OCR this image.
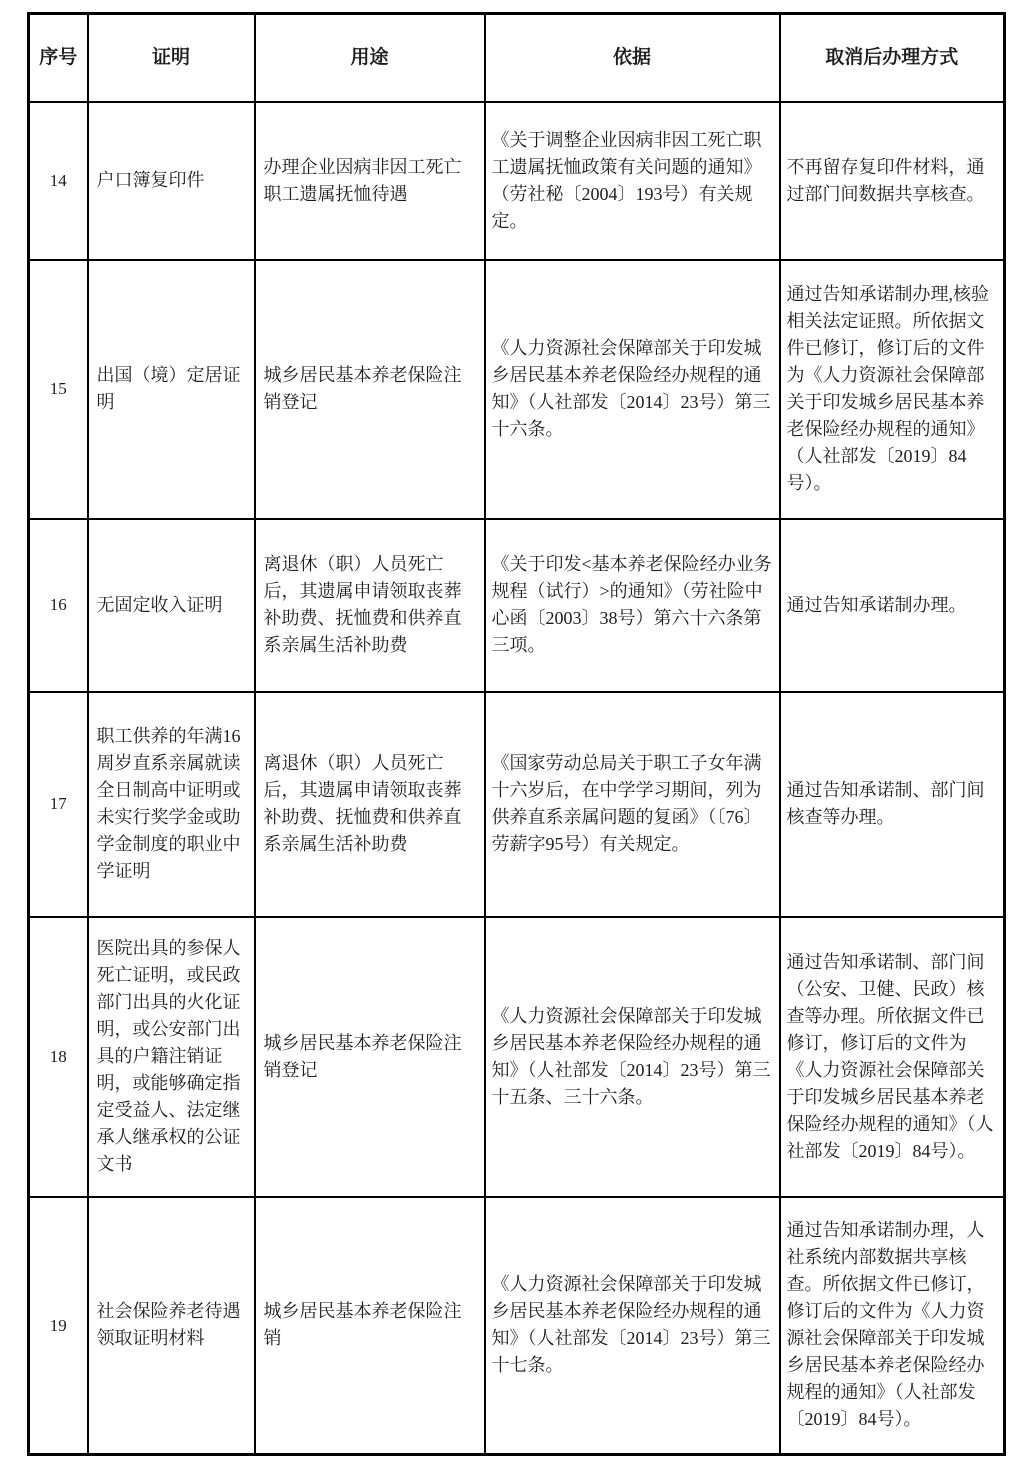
序号	证明	用途	依据	取消后办理方式
14	户口簿复印件	办理企业因病非因工死亡职工遗属抚恤待遇	《关于调整企业因病非因工死亡职工遗属抚恤政策有关问题的通知》（劳社秘〔2004〕193号）有关规定。	不再留存复印件材料，通过部门间数据共享核查。
15	出国（境）定居证明	城乡居民基本养老保险注销登记	《人力资源社会保障部关于印发城乡居民基本养老保险经办规程的通知》（人社部发〔2014〕23号）第三十六条。	通过告知承诺制办理,核验相关法定证照。所依据文件已修订，修订后的文件为《人力资源社会保障部关于印发城乡居民基本养老保险经办规程的通知》（人社部发〔2019〕84号）。
16	无固定收入证明	离退休（职）人员死亡后，其遗属申请领取丧葬补助费、抚恤费和供养直系亲属生活补助费	《关于印发<基本养老保险经办业务规程（试行）>的通知》（劳社险中心函〔2003〕38号）第六十六条第三项。	通过告知承诺制办理。
17	职工供养的年满16周岁直系亲属就读全日制高中证明或未实行奖学金或助学金制度的职业中学证明	离退休（职）人员死亡后，其遗属申请领取丧葬补助费、抚恤费和供养直系亲属生活补助费	《国家劳动总局关于职工子女年满十六岁后，在中学学习期间，列为供养直系亲属问题的复函》（〔76〕劳薪字95号）有关规定。	通过告知承诺制、部门间核查等办理。
18	医院出具的参保人死亡证明，或民政部门出具的火化证明，或公安部门出具的户籍注销证明，或能够确定指定受益人、法定继承人继承权的公证文书	城乡居民基本养老保险注销登记	《人力资源社会保障部关于印发城乡居民基本养老保险经办规程的通知》（人社部发〔2014〕23号）第三十五条、三十六条。	通过告知承诺制、部门间（公安、卫健、民政）核查等办理。所依据文件已修订，修订后的文件为《人力资源社会保障部关于印发城乡居民基本养老保险经办规程的通知》（人社部发〔2019〕84号）。
19	社会保险养老待遇领取证明材料	城乡居民基本养老保险注销	《人力资源社会保障部关于印发城乡居民基本养老保险经办规程的通知》（人社部发〔2014〕23号）第三十七条。	通过告知承诺制办理，人社系统内部数据共享核查。所依据文件已修订，修订后的文件为《人力资源社会保障部关于印发城乡居民基本养老保险经办规程的通知》（人社部发〔2019〕84号）。
